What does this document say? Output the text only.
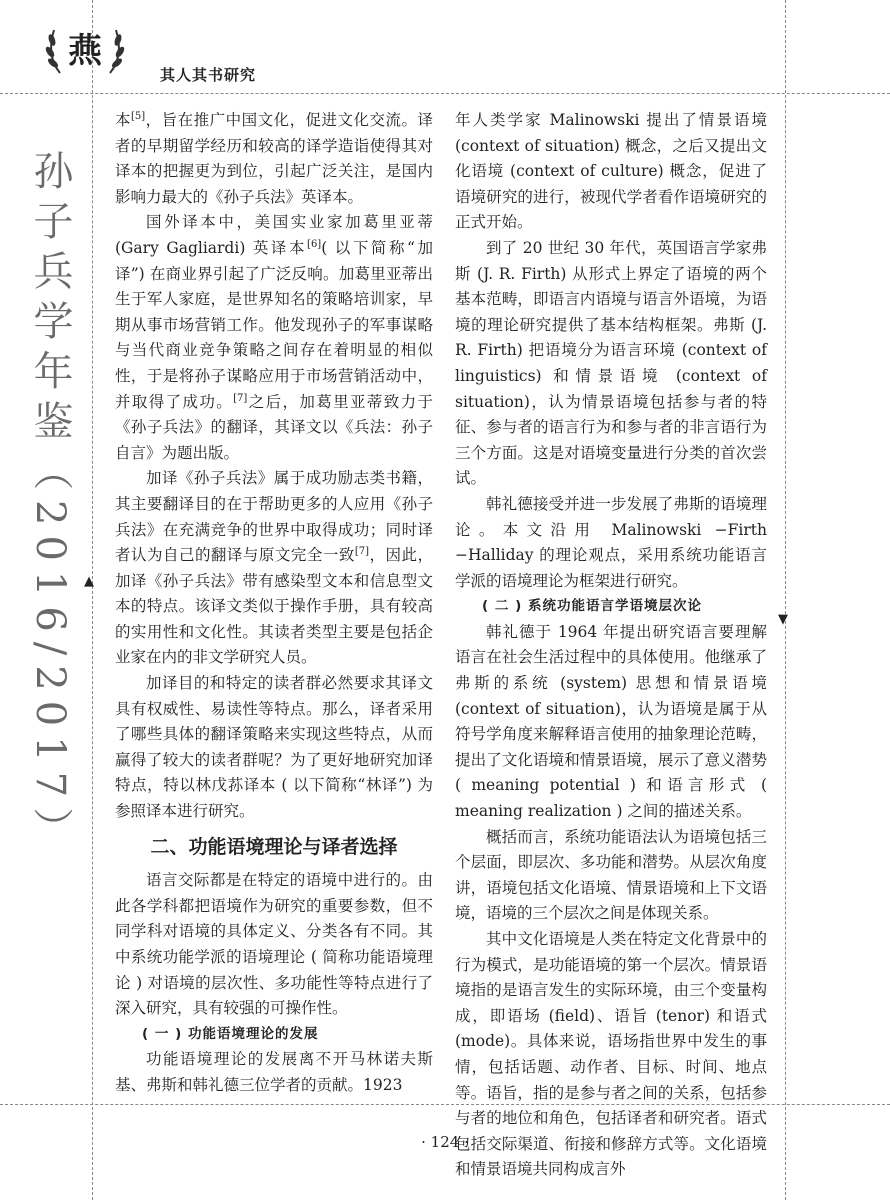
燕
其人其书研究
孙子兵学年鉴（2016/2017） ▲
▼

本[5]，旨在推广中国文化，促进文化交流。译者的早期留学经历和较高的译学造诣使得其对译本的把握更为到位，引起广泛关注，是国内影响力最大的《孙子兵法》英译本。

国外译本中，美国实业家加葛里亚蒂 (Gary Gagliardi) 英译本[6]( 以下简称“加译”) 在商业界引起了广泛反响。加葛里亚蒂出生于军人家庭，是世界知名的策略培训家，早期从事市场营销工作。他发现孙子的军事谋略与当代商业竞争策略之间存在着明显的相似性，于是将孙子谋略应用于市场营销活动中，并取得了成功。[7]之后，加葛里亚蒂致力于《孙子兵法》的翻译，其译文以《兵法：孙子自言》为题出版。

加译《孙子兵法》属于成功励志类书籍，其主要翻译目的在于帮助更多的人应用《孙子兵法》在充满竞争的世界中取得成功；同时译者认为自己的翻译与原文完全一致[7]，因此，加译《孙子兵法》带有感染型文本和信息型文本的特点。该译文类似于操作手册，具有较高的实用性和文化性。其读者类型主要是包括企业家在内的非文学研究人员。

加译目的和特定的读者群必然要求其译文具有权威性、易读性等特点。那么，译者采用了哪些具体的翻译策略来实现这些特点，从而赢得了较大的读者群呢？为了更好地研究加译特点，特以林戊荪译本 ( 以下简称“林译”) 为参照译本进行研究。

二、功能语境理论与译者选择

语言交际都是在特定的语境中进行的。由此各学科都把语境作为研究的重要参数，但不同学科对语境的具体定义、分类各有不同。其中系统功能学派的语境理论 ( 简称功能语境理论 ) 对语境的层次性、多功能性等特点进行了深入研究，具有较强的可操作性。

( 一 ) 功能语境理论的发展

功能语境理论的发展离不开马林诺夫斯基、弗斯和韩礼德三位学者的贡献。1923

年人类学家 Malinowski 提出了情景语境 (context of situation) 概念，之后又提出文化语境 (context of culture) 概念，促进了语境研究的进行，被现代学者看作语境研究的正式开始。

到了 20 世纪 30 年代，英国语言学家弗斯 (J. R. Firth) 从形式上界定了语境的两个基本范畴，即语言内语境与语言外语境，为语境的理论研究提供了基本结构框架。弗斯 (J. R. Firth) 把语境分为语言环境 (context of linguistics) 和情景语境 (context of situation)，认为情景语境包括参与者的特征、参与者的语言行为和参与者的非言语行为三个方面。这是对语境变量进行分类的首次尝试。

韩礼德接受并进一步发展了弗斯的语境理论。本文沿用 Malinowski −Firth −Halliday 的理论观点，采用系统功能语言学派的语境理论为框架进行研究。

( 二 ) 系统功能语言学语境层次论

韩礼德于 1964 年提出研究语言要理解语言在社会生活过程中的具体使用。他继承了弗斯的系统 (system) 思想和情景语境 (context of situation)，认为语境是属于从符号学角度来解释语言使用的抽象理论范畴，提出了文化语境和情景语境，展示了意义潜势 ( meaning potential ) 和语言形式 ( meaning realization ) 之间的描述关系。

概括而言，系统功能语法认为语境包括三个层面，即层次、多功能和潜势。从层次角度讲，语境包括文化语境、情景语境和上下文语境，语境的三个层次之间是体现关系。

其中文化语境是人类在特定文化背景中的行为模式，是功能语境的第一个层次。情景语境指的是语言发生的实际环境，由三个变量构成，即语场 (field)、语旨 (tenor) 和语式 (mode)。具体来说，语场指世界中发生的事情，包括话题、动作者、目标、时间、地点等。语旨，指的是参与者之间的关系，包括参与者的地位和角色，包括译者和研究者。语式包括交际渠道、衔接和修辞方式等。文化语境和情景语境共同构成言外

· 124 ·
